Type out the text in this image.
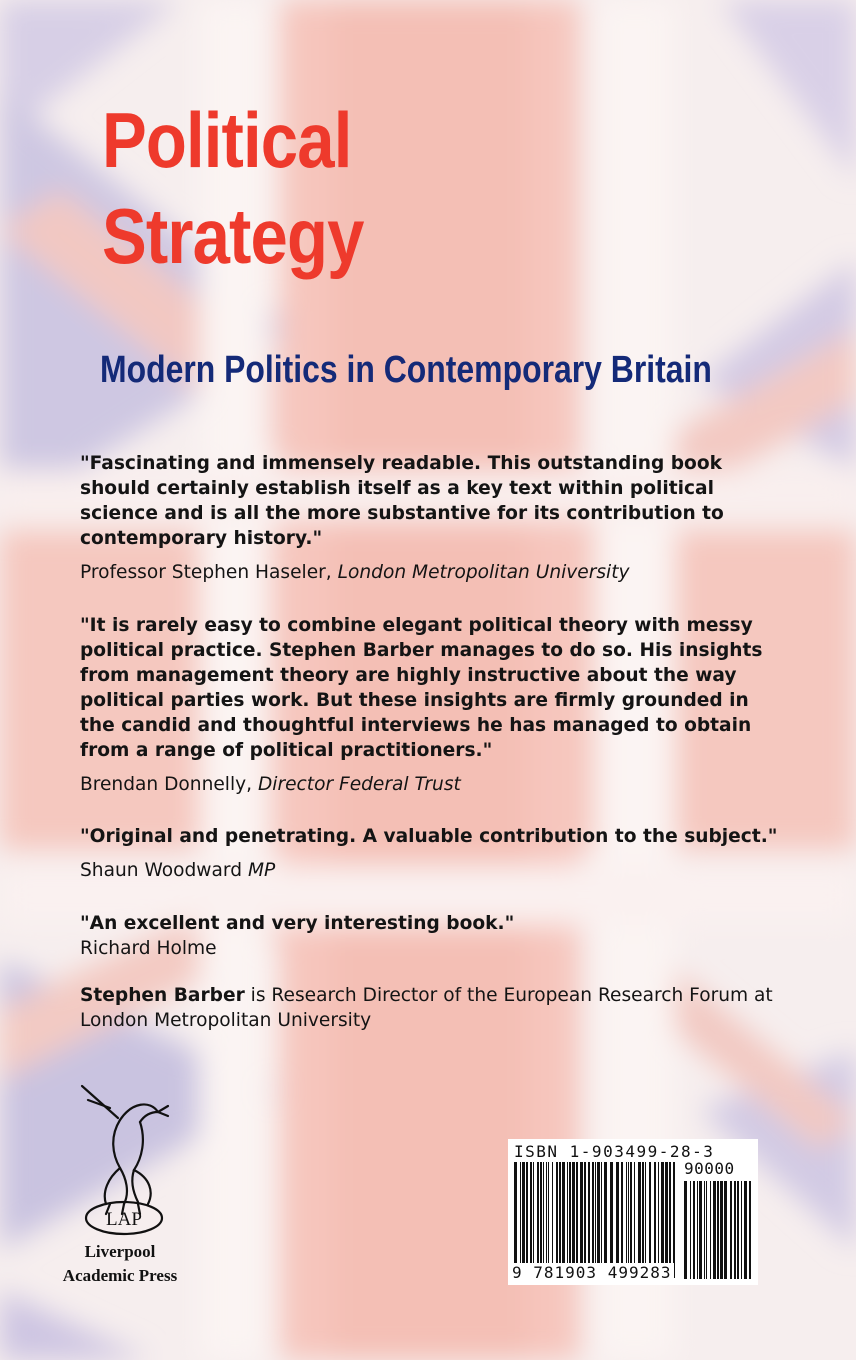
Political
Strategy
Modern Politics in Contemporary Britain

"Fascinating and immensely readable. This outstanding book should certainly establish itself as a key text within political science and is all the more substantive for its contribution to contemporary history."

Professor Stephen Haseler, London Metropolitan University

"It is rarely easy to combine elegant political theory with messy political practice. Stephen Barber manages to do so. His insights from management theory are highly instructive about the way political parties work. But these insights are firmly grounded in the candid and thoughtful interviews he has managed to obtain from a range of political practitioners."

Brendan Donnelly, Director Federal Trust

"Original and penetrating. A valuable contribution to the subject."

Shaun Woodward MP

"An excellent and very interesting book."

Richard Holme

Stephen Barber is Research Director of the European Research Forum at London Metropolitan University

LAP
Liverpool
Academic Press
ISBN 1-903499-28-3
90000
9 781903 499283
